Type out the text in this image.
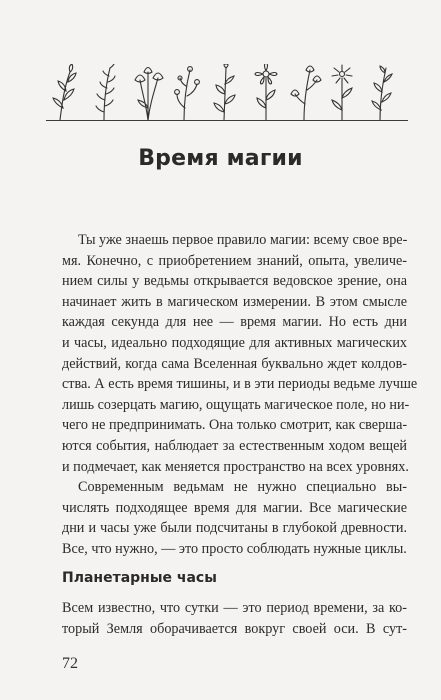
Время магии
Ты уже знаешь первое правило магии: всему свое вре-
мя. Конечно, с приобретением знаний, опыта, увеличе-
нием силы у ведьмы открывается ведовское зрение, она
начинает жить в магическом измерении. В этом смысле
каждая секунда для нее — время магии. Но есть дни
и часы, идеально подходящие для активных магических
действий, когда сама Вселенная буквально ждет колдов-
ства. А есть время тишины, и в эти периоды ведьме лучше
лишь созерцать магию, ощущать магическое поле, но ни-
чего не предпринимать. Она только смотрит, как сверша-
ются события, наблюдает за естественным ходом вещей
и подмечает, как меняется пространство на всех уровнях.
Современным ведьмам не нужно специально вы-
числять подходящее время для магии. Все магические
дни и часы уже были подсчитаны в глубокой древности.
Все, что нужно, — это просто соблюдать нужные циклы.
Планетарные часы
Всем известно, что сутки — это период времени, за ко-
торый Земля оборачивается вокруг своей оси. В сут-
72
